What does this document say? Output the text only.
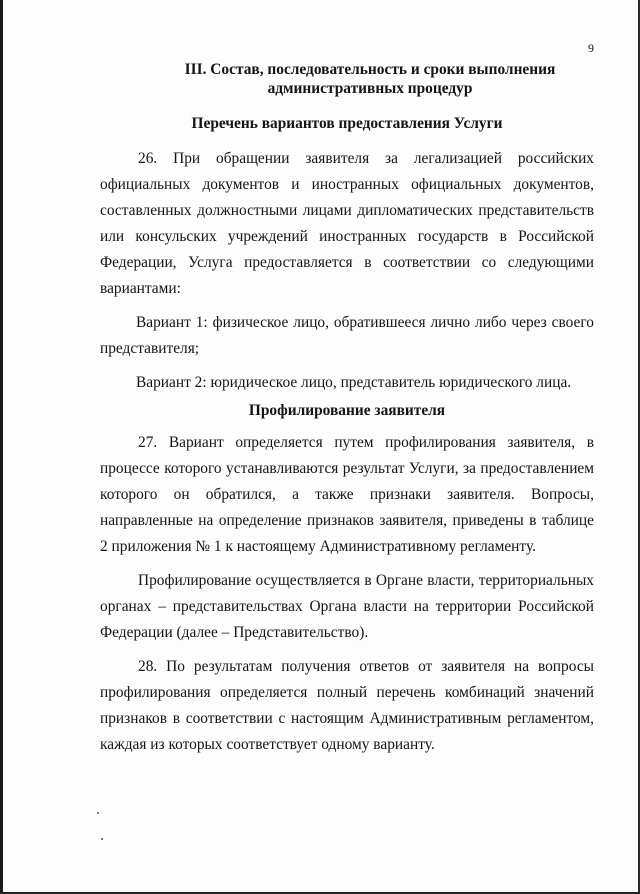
9
III. Состав, последовательность и сроки выполнения административных процедур
Перечень вариантов предоставления Услуги

26. При обращении заявителя за легализацией российских официальных документов и иностранных официальных документов, составленных должностными лицами дипломатических представительств или консульских учреждений иностранных государств в Российской Федерации, Услуга предоставляется в соответствии со следующими вариантами:

Вариант 1: физическое лицо, обратившееся лично либо через своего представителя;

Вариант 2: юридическое лицо, представитель юридического лица.

Профилирование заявителя

27. Вариант определяется путем профилирования заявителя, в процессе которого устанавливаются результат Услуги, за предоставлением которого он обратился, а также признаки заявителя. Вопросы, направленные на определение признаков заявителя, приведены в таблице 2 приложения № 1 к настоящему Административному регламенту.

Профилирование осуществляется в Органе власти, территориальных органах – представительствах Органа власти на территории Российской Федерации (далее – Представительство).

28. По результатам получения ответов от заявителя на вопросы профилирования определяется полный перечень комбинаций значений признаков в соответствии с настоящим Административным регламентом, каждая из которых соответствует одному варианту.
